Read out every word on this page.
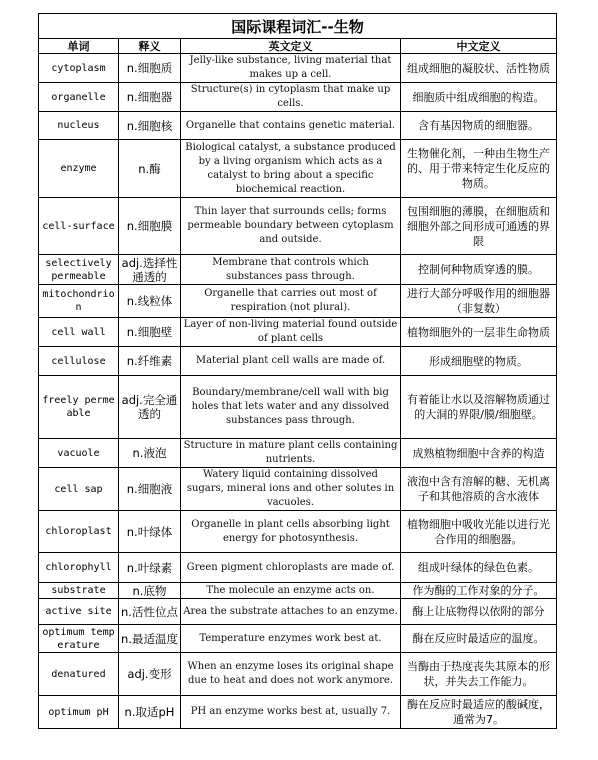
国际课程词汇--生物			
单词	释义	英文定义	中文定义
cytoplasm	n.细胞质	Jelly-like substance, living material that makes up a cell.	组成细胞的凝胶状、活性物质
organelle	n.细胞器	Structure(s) in cytoplasm that make up cells.	细胞质中组成细胞的构造。
nucleus	n.细胞核	Organelle that contains genetic material.	含有基因物质的细胞器。
enzyme	n.酶	Biological catalyst, a substance produced by a living organism which acts as a catalyst to bring about a specific biochemical reaction.	生物催化剂，一种由生物生产的、用于带来特定生化反应的物质。
cell-surface	n.细胞膜	Thin layer that surrounds cells; forms permeable boundary between cytoplasm and outside.	包围细胞的薄膜，在细胞质和细胞外部之间形成可通透的界限
selectively permeable	adj.选择性通透的	Membrane that controls which substances pass through.	控制何种物质穿透的膜。
mitochondrion	n.线粒体	Organelle that carries out most of respiration (not plural).	进行大部分呼吸作用的细胞器（非复数）
cell wall	n.细胞壁	Layer of non-living material found outside of plant cells	植物细胞外的一层非生命物质
cellulose	n.纤维素	Material plant cell walls are made of.	形成细胞壁的物质。
freely permeable	adj.完全通透的	Boundary/membrane/cell wall with big holes that lets water and any dissolved substances pass through.	有着能让水以及溶解物质通过的大洞的界限/膜/细胞壁。
vacuole	n.液泡	Structure in mature plant cells containing nutrients.	成熟植物细胞中含养的构造
cell sap	n.细胞液	Watery liquid containing dissolved sugars, mineral ions and other solutes in vacuoles.	液泡中含有溶解的糖、无机离子和其他溶质的含水液体
chloroplast	n.叶绿体	Organelle in plant cells absorbing light energy for photosynthesis.	植物细胞中吸收光能以进行光合作用的细胞器。
chlorophyll	n.叶绿素	Green pigment chloroplasts are made of.	组成叶绿体的绿色色素。
substrate	n.底物	The molecule an enzyme acts on.	作为酶的工作对象的分子。
active site	n.活性位点	Area the substrate attaches to an enzyme.	酶上让底物得以依附的部分
optimum temperature	n.最适温度	Temperature enzymes work best at.	酶在反应时最适应的温度。
denatured	adj.变形	When an enzyme loses its original shape due to heat and does not work anymore.	当酶由于热度丧失其原本的形状，并失去工作能力。
optimum pH	n.取适pH	PH an enzyme works best at, usually 7.	酶在反应时最适应的酸碱度，通常为7。
